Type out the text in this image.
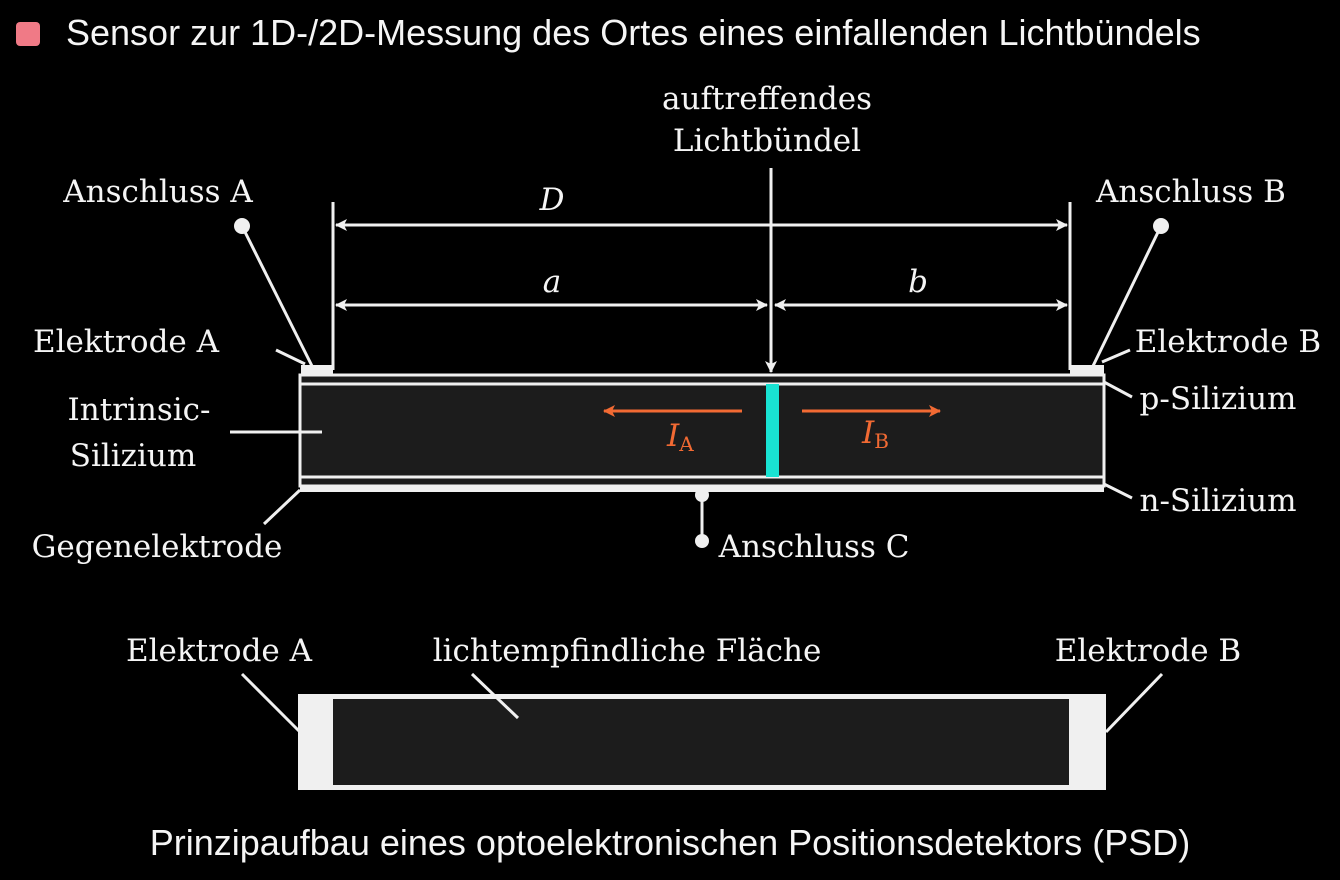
Sensor zur 1D-/2D-Messung des Ortes eines einfallenden Lichtbündels
auftreffendes
Lichtbündel
D
a	b
Anschluss A	Anschluss B
IA	IB
Elektrode A
Intrinsic-
Silizium
Gegenelektrode
Elektrode B
p-Silizium
n-Silizium
Anschluss C
Elektrode A	lichtempfindliche Fläche	Elektrode B
Prinzipaufbau eines optoelektronischen Positionsdetektors (PSD)
